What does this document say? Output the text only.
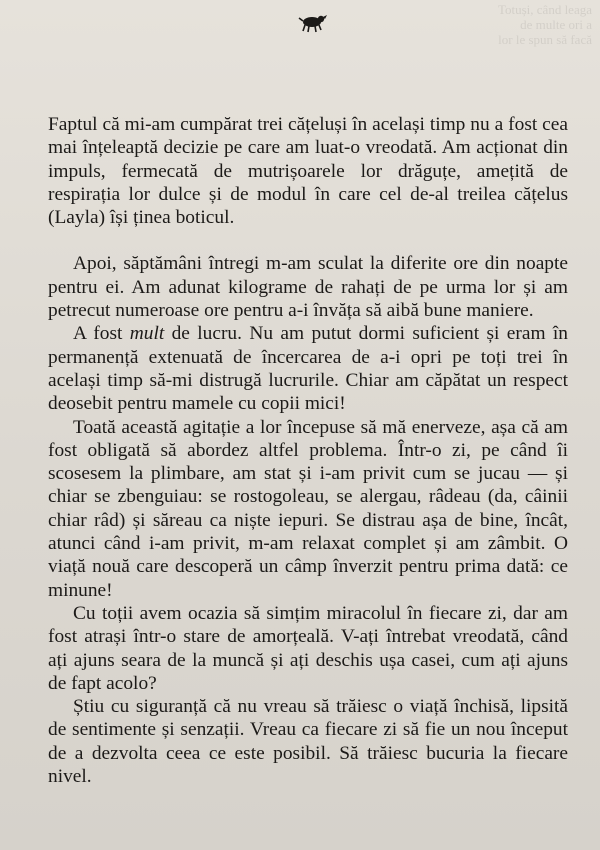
Totuși, când leaga
de multe ori a
lor le spun să facă

Faptul că mi-am cumpărat trei cățeluși în același timp nu a fost cea mai înțeleaptă decizie pe care am luat-o vreodată. Am acționat din impuls, fermecată de mutrișoarele lor drăguțe, amețită de respirația lor dulce și de modul în care cel de-al treilea cățelus (Layla) își ținea boticul.

Apoi, săptămâni întregi m-am sculat la diferite ore din noapte pentru ei. Am adunat kilograme de rahați de pe urma lor și am petrecut numeroase ore pentru a-i învăța să aibă bune maniere.

A fost mult de lucru. Nu am putut dormi suficient și eram în permanență extenuată de încercarea de a-i opri pe toți trei în același timp să-mi distrugă lucrurile. Chiar am căpătat un respect deosebit pentru mamele cu copii mici!

Toată această agitație a lor începuse să mă enerveze, așa că am fost obligată să abordez altfel problema. Într-o zi, pe când îi scosesem la plimbare, am stat și i-am privit cum se jucau — și chiar se zbenguiau: se rostogoleau, se alergau, râdeau (da, câinii chiar râd) și săreau ca niște iepuri. Se distrau așa de bine, încât, atunci când i-am privit, m-am relaxat complet și am zâmbit. O viață nouă care descoperă un câmp înverzit pentru prima dată: ce minune!

Cu toții avem ocazia să simțim miracolul în fiecare zi, dar am fost atrași într-o stare de amorțeală. V-ați întrebat vreodată, când ați ajuns seara de la muncă și ați deschis ușa casei, cum ați ajuns de fapt acolo?

Știu cu siguranță că nu vreau să trăiesc o viață închisă, lipsită de sentimente și senzații. Vreau ca fiecare zi să fie un nou început de a dezvolta ceea ce este posibil. Să trăiesc bucuria la fiecare nivel.
